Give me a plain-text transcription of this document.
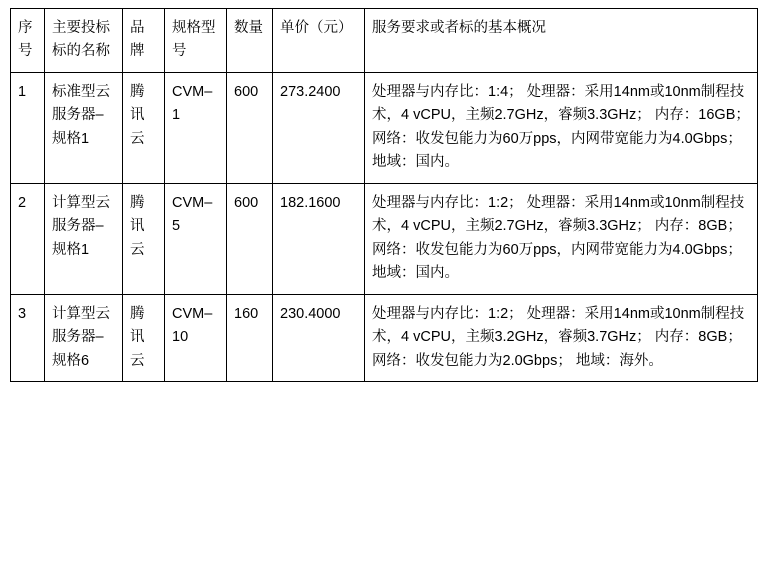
序号	主要投标标的名称	品牌	规格型号	数量	单价（元）	服务要求或者标的基本概况
1	标准型云服务器–规格1	腾讯云	CVM–1	600	273.2400	处理器与内存比：1:4； 处理器：采用14nm或10nm制程技术，4 vCPU，主频2.7GHz，睿频3.3GHz； 内存：16GB； 网络：收发包能力为60万pps，内网带宽能力为4.0Gbps； 地域：国内。
2	计算型云服务器–规格1	腾讯云	CVM–5	600	182.1600	处理器与内存比：1:2； 处理器：采用14nm或10nm制程技术，4 vCPU，主频2.7GHz，睿频3.3GHz； 内存：8GB； 网络：收发包能力为60万pps，内网带宽能力为4.0Gbps； 地域：国内。
3	计算型云服务器–规格6	腾讯云	CVM–10	160	230.4000	处理器与内存比：1:2； 处理器：采用14nm或10nm制程技术，4 vCPU，主频3.2GHz，睿频3.7GHz； 内存：8GB； 网络：收发包能力为2.0Gbps； 地域：海外。
